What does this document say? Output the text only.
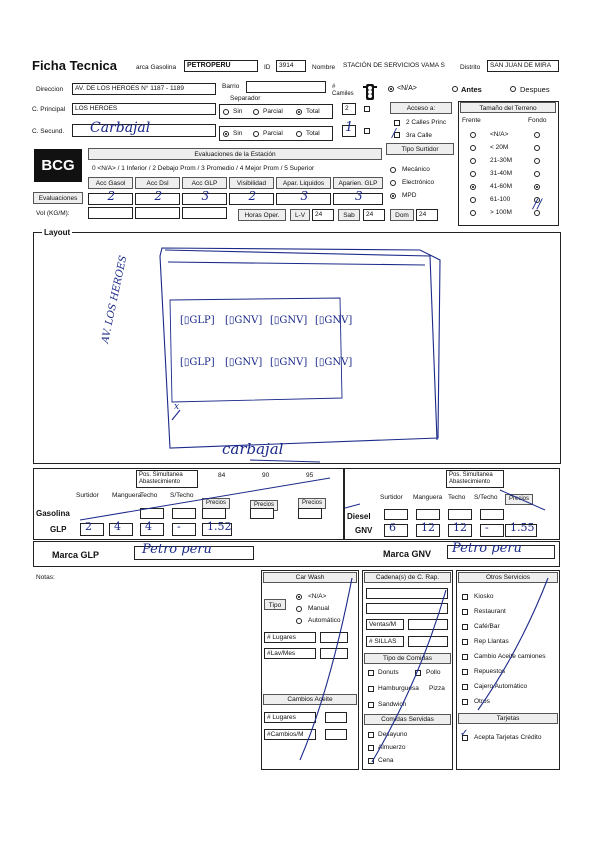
Ficha Tecnica	arca Gasolina	PETROPERU	ID	3914	Nombre	STACIÓN DE SERVICIOS VAMA S	Distrito	SAN JUAN DE MIRA
Direccion	AV. DE LOS HEROES N° 1187 - 1189	Barrio	# Camiles
<N/A>	Antes	Despues
Separador
C. Principal	LOS HEROES	Sin	Parcial	Total	2	Acceso a:
2 Calles Princ
/ 3ra Calle
Tipo Surtidor
Mecánico
Electrónico
MPD
Tamaño del Terreno
Frente	Fondo
<N/A>
< 20M
21-30M
31-40M
41-60M
61-100
> 100M
//
C. Secund. Carbajal	Sin	Parcial	Total 1
BCG
Evaluaciones de la Estación
0 <N/A> / 1 Inferior / 2 Debajo Prom / 3 Promedio / 4 Mejor Prom / 5 Superior
Acc Gasol	Acc Dsl	Acc GLP	Visibilidad	Apar. Liquidos	Aparien. GLP
Evaluaciones	2	2	3	2	3	3
Vol (KG/M):	Horas Oper.	L-V	24	Sab	24	Dom	24
Layout
AV. LOS HEROES
carbajal
x
[▯GLP] [▯GNV] [▯GNV] [▯GNV]
[▯GLP] [▯GNV] [▯GNV] [▯GNV]
Pos. Simultanea Abastecimiento
84	90	95
Surtidor Manguera
Techo S/Techo
Precios	Precios	Precios
Gasolina
GLP 2 4 4 - 1.52
Pos. Simultanea Abastecimiento
Surtidor Manguera Techo S/Techo	Precios
Diesel
GNV 6 12 12 - 1.55
Marca GLP	Petro peru	Marca GNV Petro peru
Notas:	Car Wash
Tipo
<N/A>
Manual
Automático
# Lugares
#Lav/Mes
Cambios Aceite
# Lugares
#Cambios/M
Cadena(s) de C. Rap.
Ventas/M
# SILLAS
Tipo de Comidas
Donuts	Pollo
Hamburguesa Pizza
Sandwich
Comidas Servidas
Desayuno
Almuerzo
Cena
Otros Servicios
Kiosko
Restaurant
Café/Bar
Rep Llantas
Cambio Aceite camiones
Repuestos
Cajero Automático
Otros
Tarjetas
✓ Acepta Tarjetas Crédito
